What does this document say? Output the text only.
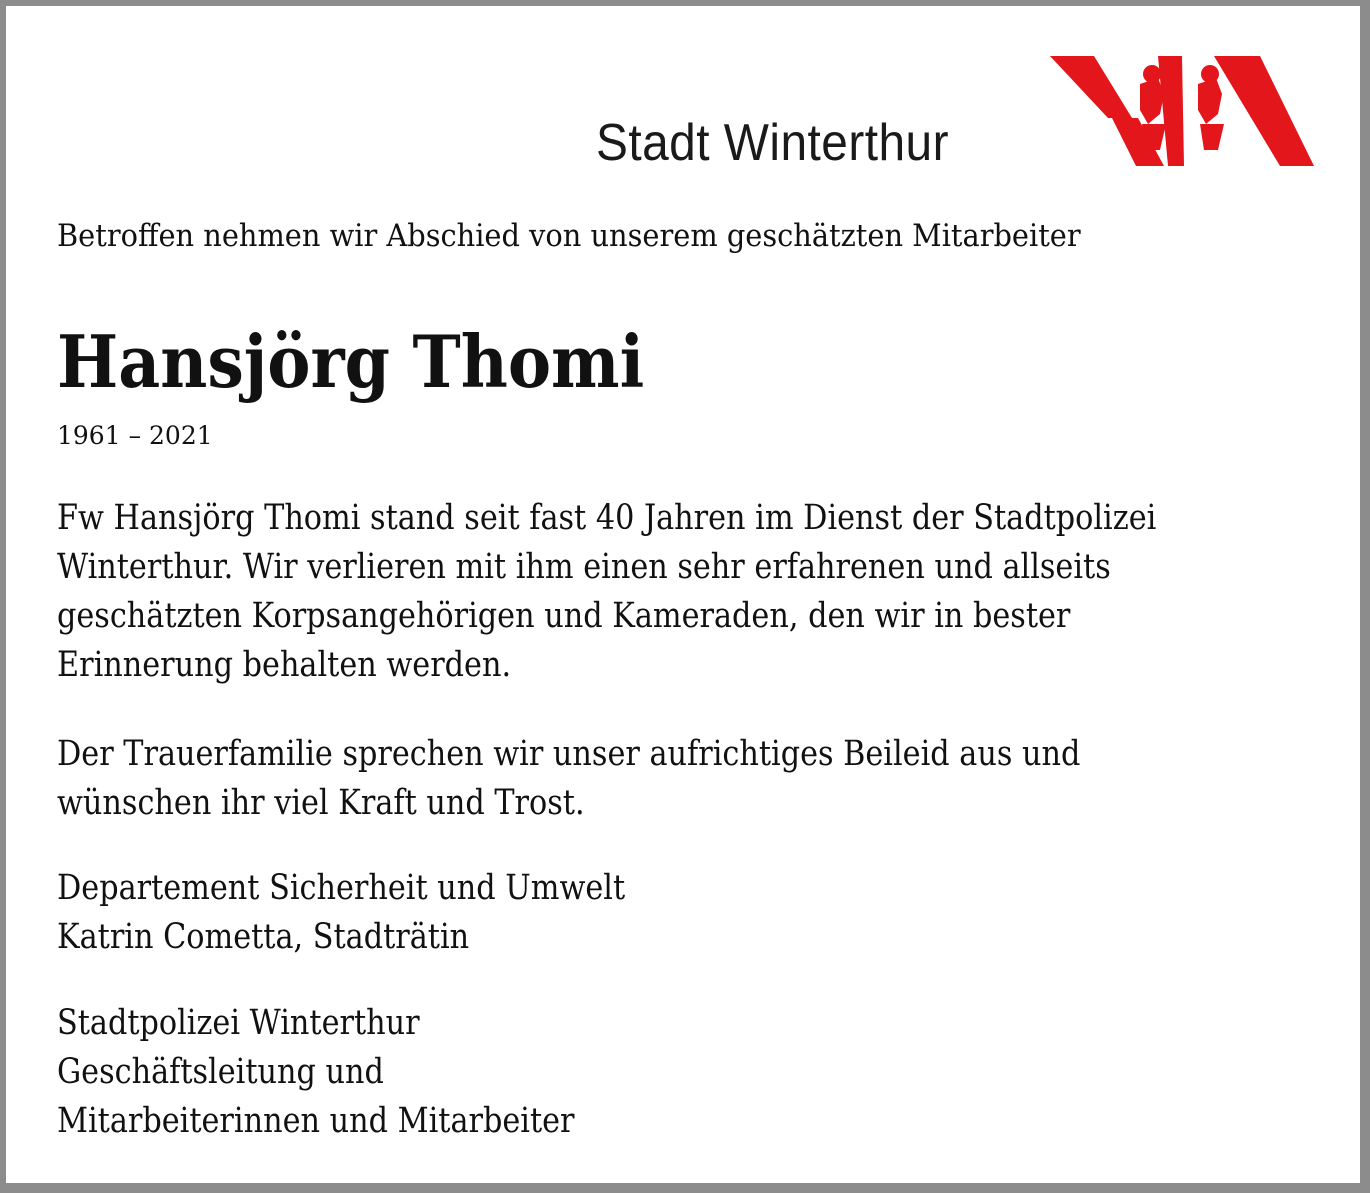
Stadt Winterthur

Betroffen nehmen wir Abschied von unserem geschätzten Mitarbeiter

Hansjörg Thomi

1961 – 2021

Fw Hansjörg Thomi stand seit fast 40 Jahren im Dienst der Stadtpolizei
Winterthur. Wir verlieren mit ihm einen sehr erfahrenen und allseits
geschätzten Korpsangehörigen und Kameraden, den wir in bester
Erinnerung behalten werden.
Der Trauerfamilie sprechen wir unser aufrichtiges Beileid aus und
wünschen ihr viel Kraft und Trost.
Departement Sicherheit und Umwelt
Katrin Cometta, Stadträtin
Stadtpolizei Winterthur
Geschäftsleitung und
Mitarbeiterinnen und Mitarbeiter
